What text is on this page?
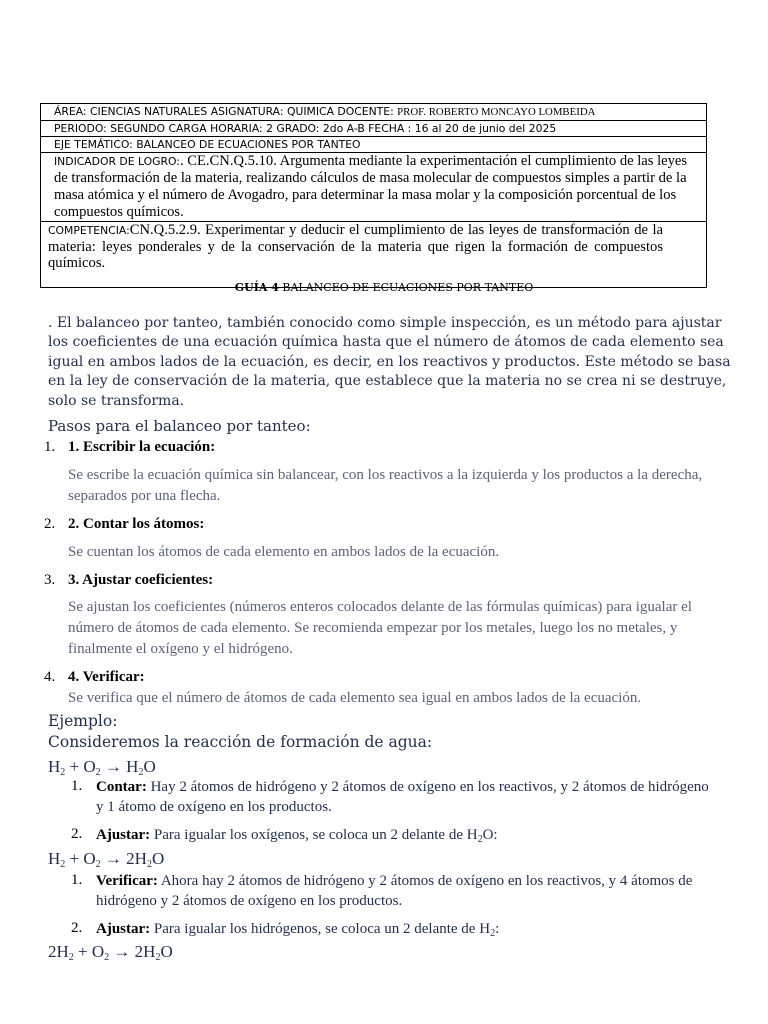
ÁREA: CIENCIAS NATURALES ASIGNATURA: QUIMICA DOCENTE: PROF. ROBERTO MONCAYO LOMBEIDA
PERIODO: SEGUNDO CARGA HORARIA: 2 GRADO: 2do A-B FECHA : 16 al 20 de junio del 2025
EJE TEMÁTICO: BALANCEO DE ECUACIONES POR TANTEO

INDICADOR DE LOGRO:. CE.CN.Q.5.10. Argumenta mediante la experimentación el cumplimiento de las leyes de transformación de la materia, realizando cálculos de masa molecular de compuestos simples a partir de la masa atómica y el número de Avogadro, para determinar la masa molar y la composición porcentual de los compuestos químicos.

COMPETENCIA:CN.Q.5.2.9. Experimentar y deducir el cumplimiento de las leyes de transformación de la materia: leyes ponderales y de la conservación de la materia que rigen la formación de compuestos químicos.
GUÍA 4 BALANCEO DE ECUACIONES POR TANTEO
. El balanceo por tanteo, también conocido como simple inspección, es un método para ajustar los coeficientes de una ecuación química hasta que el número de átomos de cada elemento sea igual en ambos lados de la ecuación, es decir, en los reactivos y productos. Este método se basa en la ley de conservación de la materia, que establece que la materia no se crea ni se destruye, solo se transforma.
Pasos para el balanceo por tanteo:
1. 1. Escribir la ecuación:
Se escribe la ecuación química sin balancear, con los reactivos a la izquierda y los productos a la derecha, separados por una flecha.
2. 2. Contar los átomos:
Se cuentan los átomos de cada elemento en ambos lados de la ecuación.
3. 3. Ajustar coeficientes:
Se ajustan los coeficientes (números enteros colocados delante de las fórmulas químicas) para igualar el número de átomos de cada elemento. Se recomienda empezar por los metales, luego los no metales, y finalmente el oxígeno y el hidrógeno.
4. 4. Verificar:
Se verifica que el número de átomos de cada elemento sea igual en ambos lados de la ecuación.
Ejemplo:
Consideremos la reacción de formación de agua:
$H_2 + O_2 \to H_2O$
1. Contar: Hay 2 átomos de hidrógeno y 2 átomos de oxígeno en los reactivos, y 2 átomos de hidrógeno y 1 átomo de oxígeno en los productos.
2. Ajustar: Para igualar los oxígenos, se coloca un 2 delante de $H_2O$:
$H_2 + O_2 \to 2H_2O$
1. Verificar: Ahora hay 2 átomos de hidrógeno y 2 átomos de oxígeno en los reactivos, y 4 átomos de hidrógeno y 2 átomos de oxígeno en los productos.
2. Ajustar: Para igualar los hidrógenos, se coloca un 2 delante de $H_2$:
$2H_2 + O_2 \to 2H_2O$
